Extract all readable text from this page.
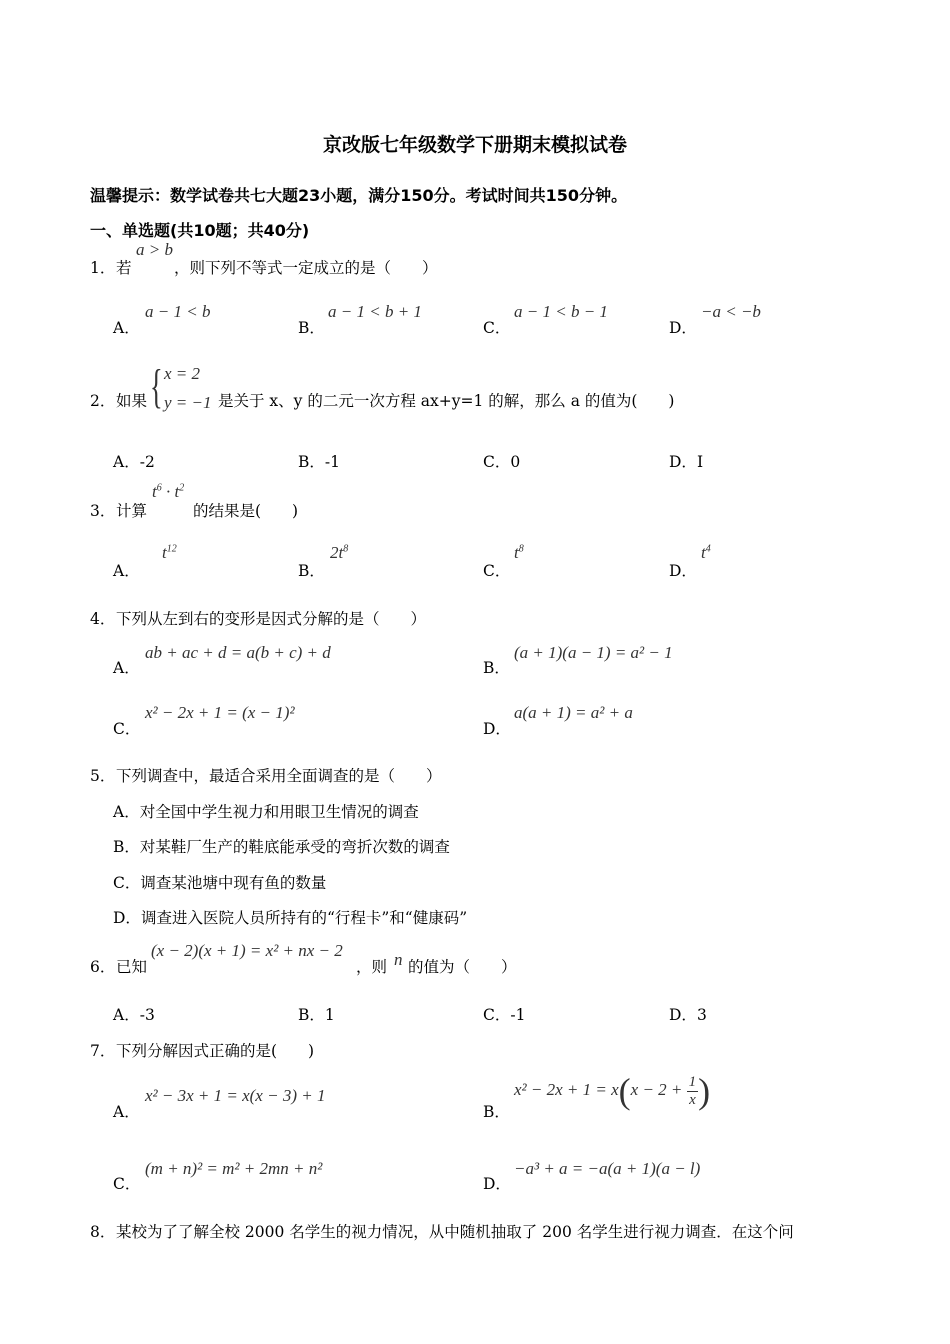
京改版七年级数学下册期末模拟试卷
温馨提示：数学试卷共七大题23小题，满分150分。考试时间共150分钟。
一、单选题(共10题；共40分)
1．若
a > b
，则下列不等式一定成立的是（　　）
A．
a − 1 < b
B．
a − 1 < b + 1
C．
a − 1 < b − 1
D．
−a < −b
2．如果 { x = 2
y = −1 是关于 x、y 的二元一次方程 ax+y=1 的解，那么 a 的值为(　　)
A．-2	B．-1	C．0	D．I
3．计算
$t^6 \cdot t^2$
的结果是(　　)
A．
$t^{12}$
B．
$2t^8$
C．
$t^8$
D．
$t^4$
4．下列从左到右的变形是因式分解的是（　　）
A．
ab + ac + d = a(b + c) + d
B．
(a + 1)(a − 1) = a² − 1
C．
x² − 2x + 1 = (x − 1)²
D．
a(a + 1) = a² + a
5．下列调查中，最适合采用全面调查的是（　　）
A．对全国中学生视力和用眼卫生情况的调查
B．对某鞋厂生产的鞋底能承受的弯折次数的调查
C．调查某池塘中现有鱼的数量
D．调查进入医院人员所持有的“行程卡”和“健康码”
6．已知
(x − 2)(x + 1) = x² + nx − 2
，则 n 的值为（　　）
A．-3	B．1	C．-1	D．3
7．下列分解因式正确的是(　　)
A．
x² − 3x + 1 = x(x − 3) + 1
B．
$x^2 - 2x + 1 = x(x - 2 + \frac{1}{x}$ )
C．
(m + n)² = m² + 2mn + n²
D．
−a³ + a = −a(a + 1)(a − l)
8．某校为了了解全校 2000 名学生的视力情况，从中随机抽取了 200 名学生进行视力调查．在这个问
